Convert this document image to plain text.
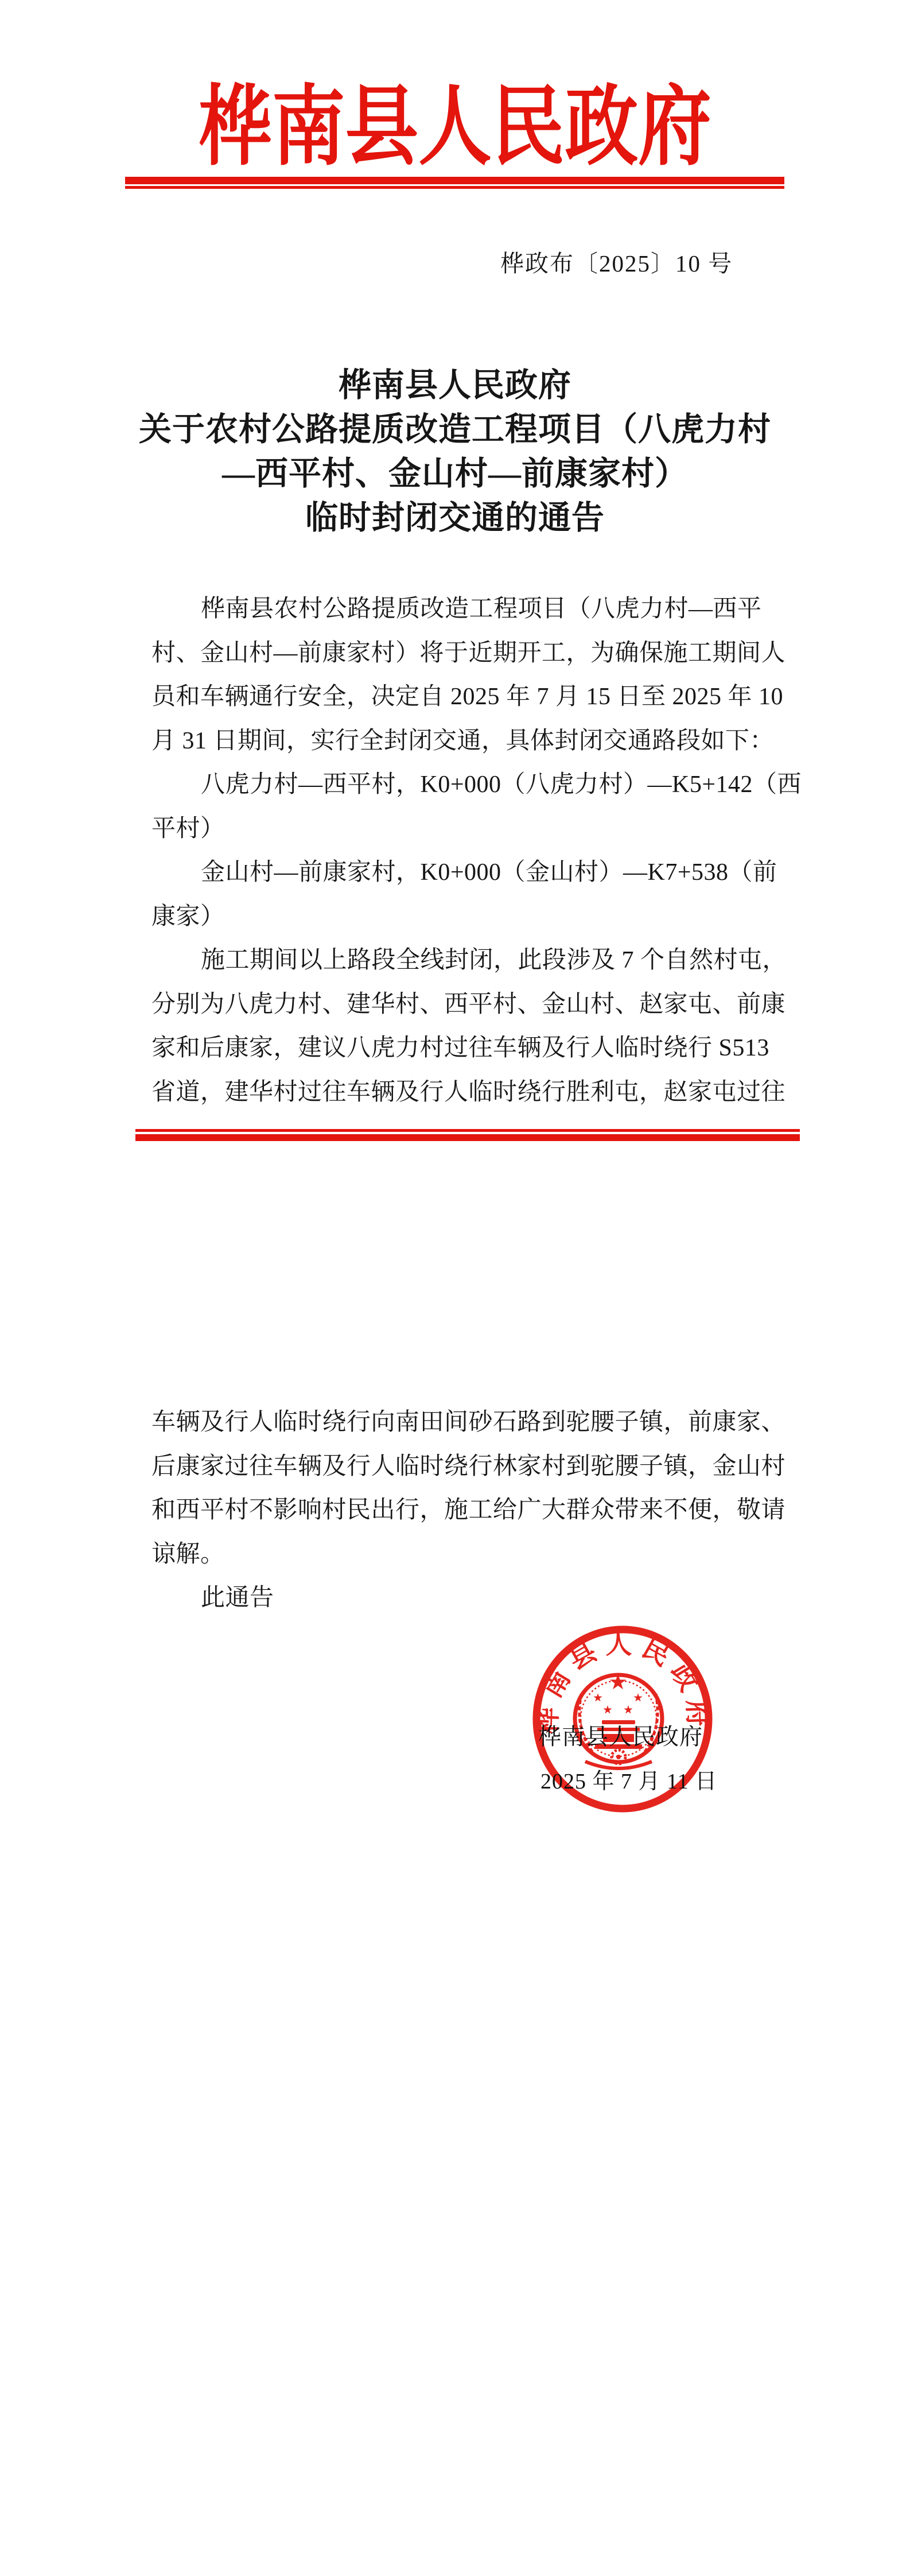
桦南县人民政府
桦政布〔2025〕10 号
桦南县人民政府
关于农村公路提质改造工程项目（八虎力村
—西平村、金山村—前康家村）
临时封闭交通的通告
桦南县农村公路提质改造工程项目（八虎力村—西平
村、金山村—前康家村）将于近期开工，为确保施工期间人
员和车辆通行安全，决定自 2025 年 7 月 15 日至 2025 年 10
月 31 日期间，实行全封闭交通，具体封闭交通路段如下：
八虎力村—西平村，K0+000（八虎力村）—K5+142（西
平村）
金山村—前康家村，K0+000（金山村）—K7+538（前
康家）
施工期间以上路段全线封闭，此段涉及 7 个自然村屯，
分别为八虎力村、建华村、西平村、金山村、赵家屯、前康
家和后康家，建议八虎力村过往车辆及行人临时绕行 S513
省道，建华村过往车辆及行人临时绕行胜利屯，赵家屯过往
车辆及行人临时绕行向南田间砂石路到驼腰子镇，前康家、
后康家过往车辆及行人临时绕行林家村到驼腰子镇，金山村
和西平村不影响村民出行，施工给广大群众带来不便，敬请
谅解。
此通告
桦南县人民政府
桦南县人民政府
2025 年 7 月 11 日
